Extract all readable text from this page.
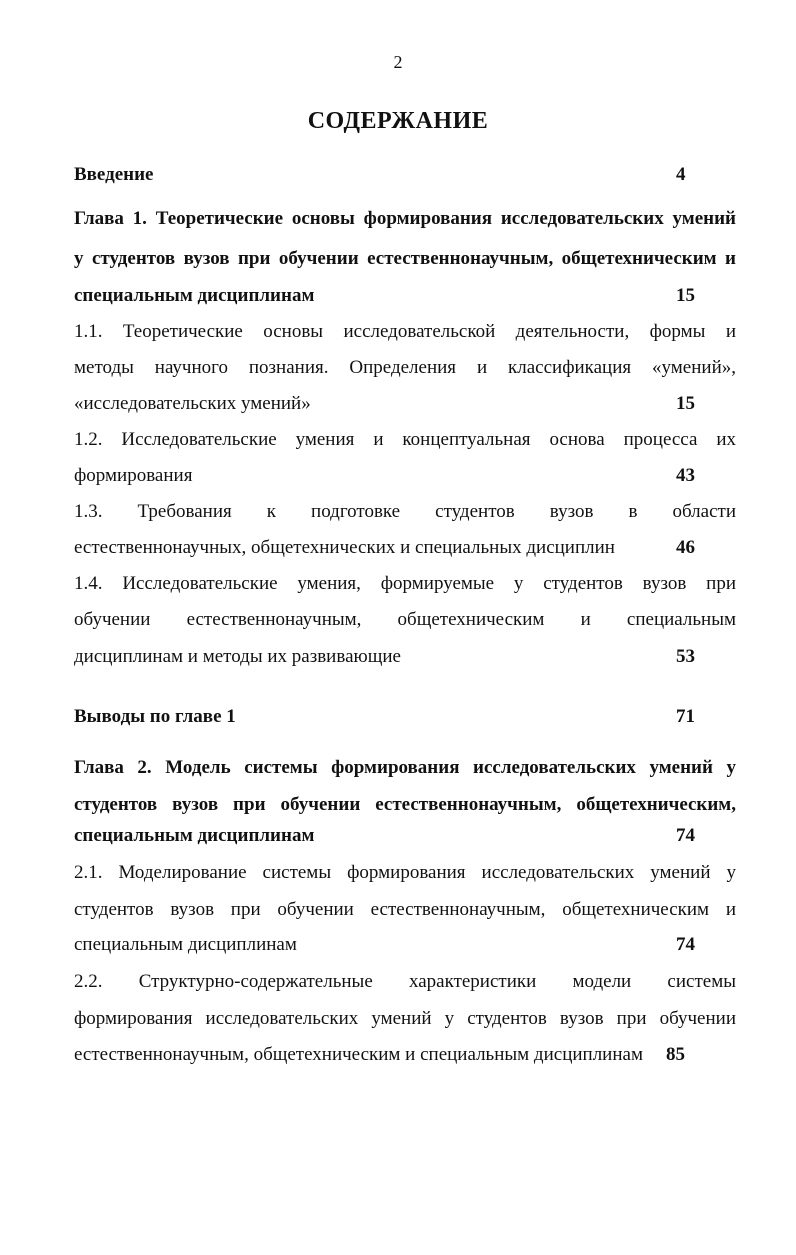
2
СОДЕРЖАНИЕ
Введение	4
Глава 1. Теоретические основы формирования исследовательских умений
у студентов вузов при обучении естественнонаучным, общетехническим и
специальным дисциплинам	15
1.1. Теоретические основы исследовательской деятельности, формы и
методы научного познания. Определения и классификация «умений»,
«исследовательских умений»	15
1.2. Исследовательские умения и концептуальная основа процесса их
формирования	43
1.3. Требования к подготовке студентов вузов в области
естественнонаучных, общетехнических и специальных дисциплин	46
1.4. Исследовательские умения, формируемые у студентов вузов при
обучении естественнонаучным, общетехническим и специальным
дисциплинам и методы их развивающие	53
Выводы по главе 1	71
Глава 2. Модель системы формирования исследовательских умений у
студентов вузов при обучении естественнонаучным, общетехническим,
специальным дисциплинам	74
2.1. Моделирование системы формирования исследовательских умений у
студентов вузов при обучении естественнонаучным, общетехническим и
специальным дисциплинам	74
2.2. Структурно-содержательные характеристики модели системы
формирования исследовательских умений у студентов вузов при обучении
естественнонаучным, общетехническим и специальным дисциплинам	85
